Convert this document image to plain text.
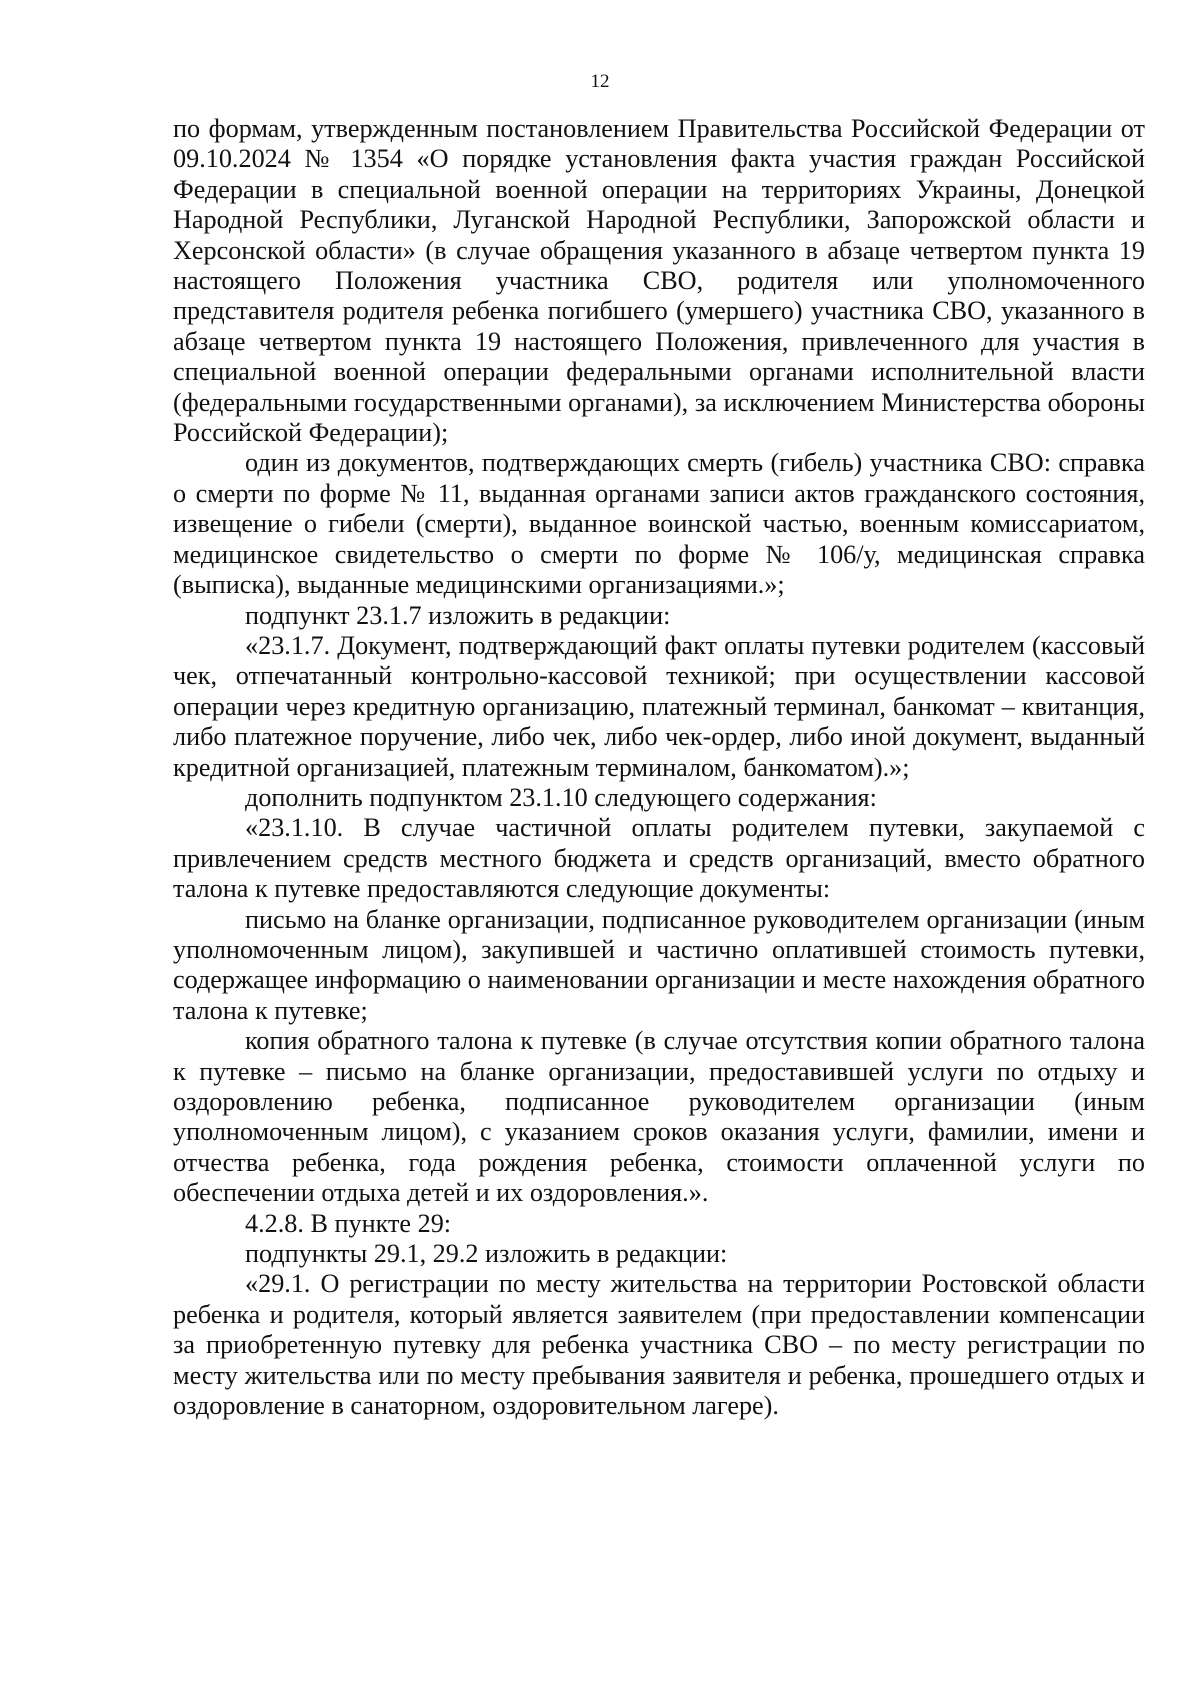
12

по формам, утвержденным постановлением Правительства Российской Федерации от 09.10.2024 № 1354 «О порядке установления факта участия граждан Российской Федерации в специальной военной операции на территориях Украины, Донецкой Народной Республики, Луганской Народной Республики, Запорожской области и Херсонской области» (в случае обращения указанного в абзаце четвертом пункта 19 настоящего Положения участника СВО, родителя или уполномоченного представителя родителя ребенка погибшего (умершего) участника СВО, указанного в абзаце четвертом пункта 19 настоящего Положения, привлеченного для участия в специальной военной операции федеральными органами исполнительной власти (федеральными государственными органами), за исключением Министерства обороны Российской Федерации);

один из документов, подтверждающих смерть (гибель) участника СВО: справка о смерти по форме № 11, выданная органами записи актов гражданского состояния, извещение о гибели (смерти), выданное воинской частью, военным комиссариатом, медицинское свидетельство о смерти по форме № 106/у, медицинская справка (выписка), выданные медицинскими организациями.»;

подпункт 23.1.7 изложить в редакции:

«23.1.7. Документ, подтверждающий факт оплаты путевки родителем (кассовый чек, отпечатанный контрольно-кассовой техникой; при осуществлении кассовой операции через кредитную организацию, платежный терминал, банкомат – квитанция, либо платежное поручение, либо чек, либо чек-ордер, либо иной документ, выданный кредитной организацией, платежным терминалом, банкоматом).»;

дополнить подпунктом 23.1.10 следующего содержания:

«23.1.10. В случае частичной оплаты родителем путевки, закупаемой с привлечением средств местного бюджета и средств организаций, вместо обратного талона к путевке предоставляются следующие документы:

письмо на бланке организации, подписанное руководителем организации (иным уполномоченным лицом), закупившей и частично оплатившей стоимость путевки, содержащее информацию о наименовании организации и месте нахождения обратного талона к путевке;

копия обратного талона к путевке (в случае отсутствия копии обратного талона к путевке – письмо на бланке организации, предоставившей услуги по отдыху и оздоровлению ребенка, подписанное руководителем организации (иным уполномоченным лицом), с указанием сроков оказания услуги, фамилии, имени и отчества ребенка, года рождения ребенка, стоимости оплаченной услуги по обеспечении отдыха детей и их оздоровления.».

4.2.8. В пункте 29:

подпункты 29.1, 29.2 изложить в редакции:

«29.1. О регистрации по месту жительства на территории Ростовской области ребенка и родителя, который является заявителем (при предоставлении компенсации за приобретенную путевку для ребенка участника СВО – по месту регистрации по месту жительства или по месту пребывания заявителя и ребенка, прошедшего отдых и оздоровление в санаторном, оздоровительном лагере).
